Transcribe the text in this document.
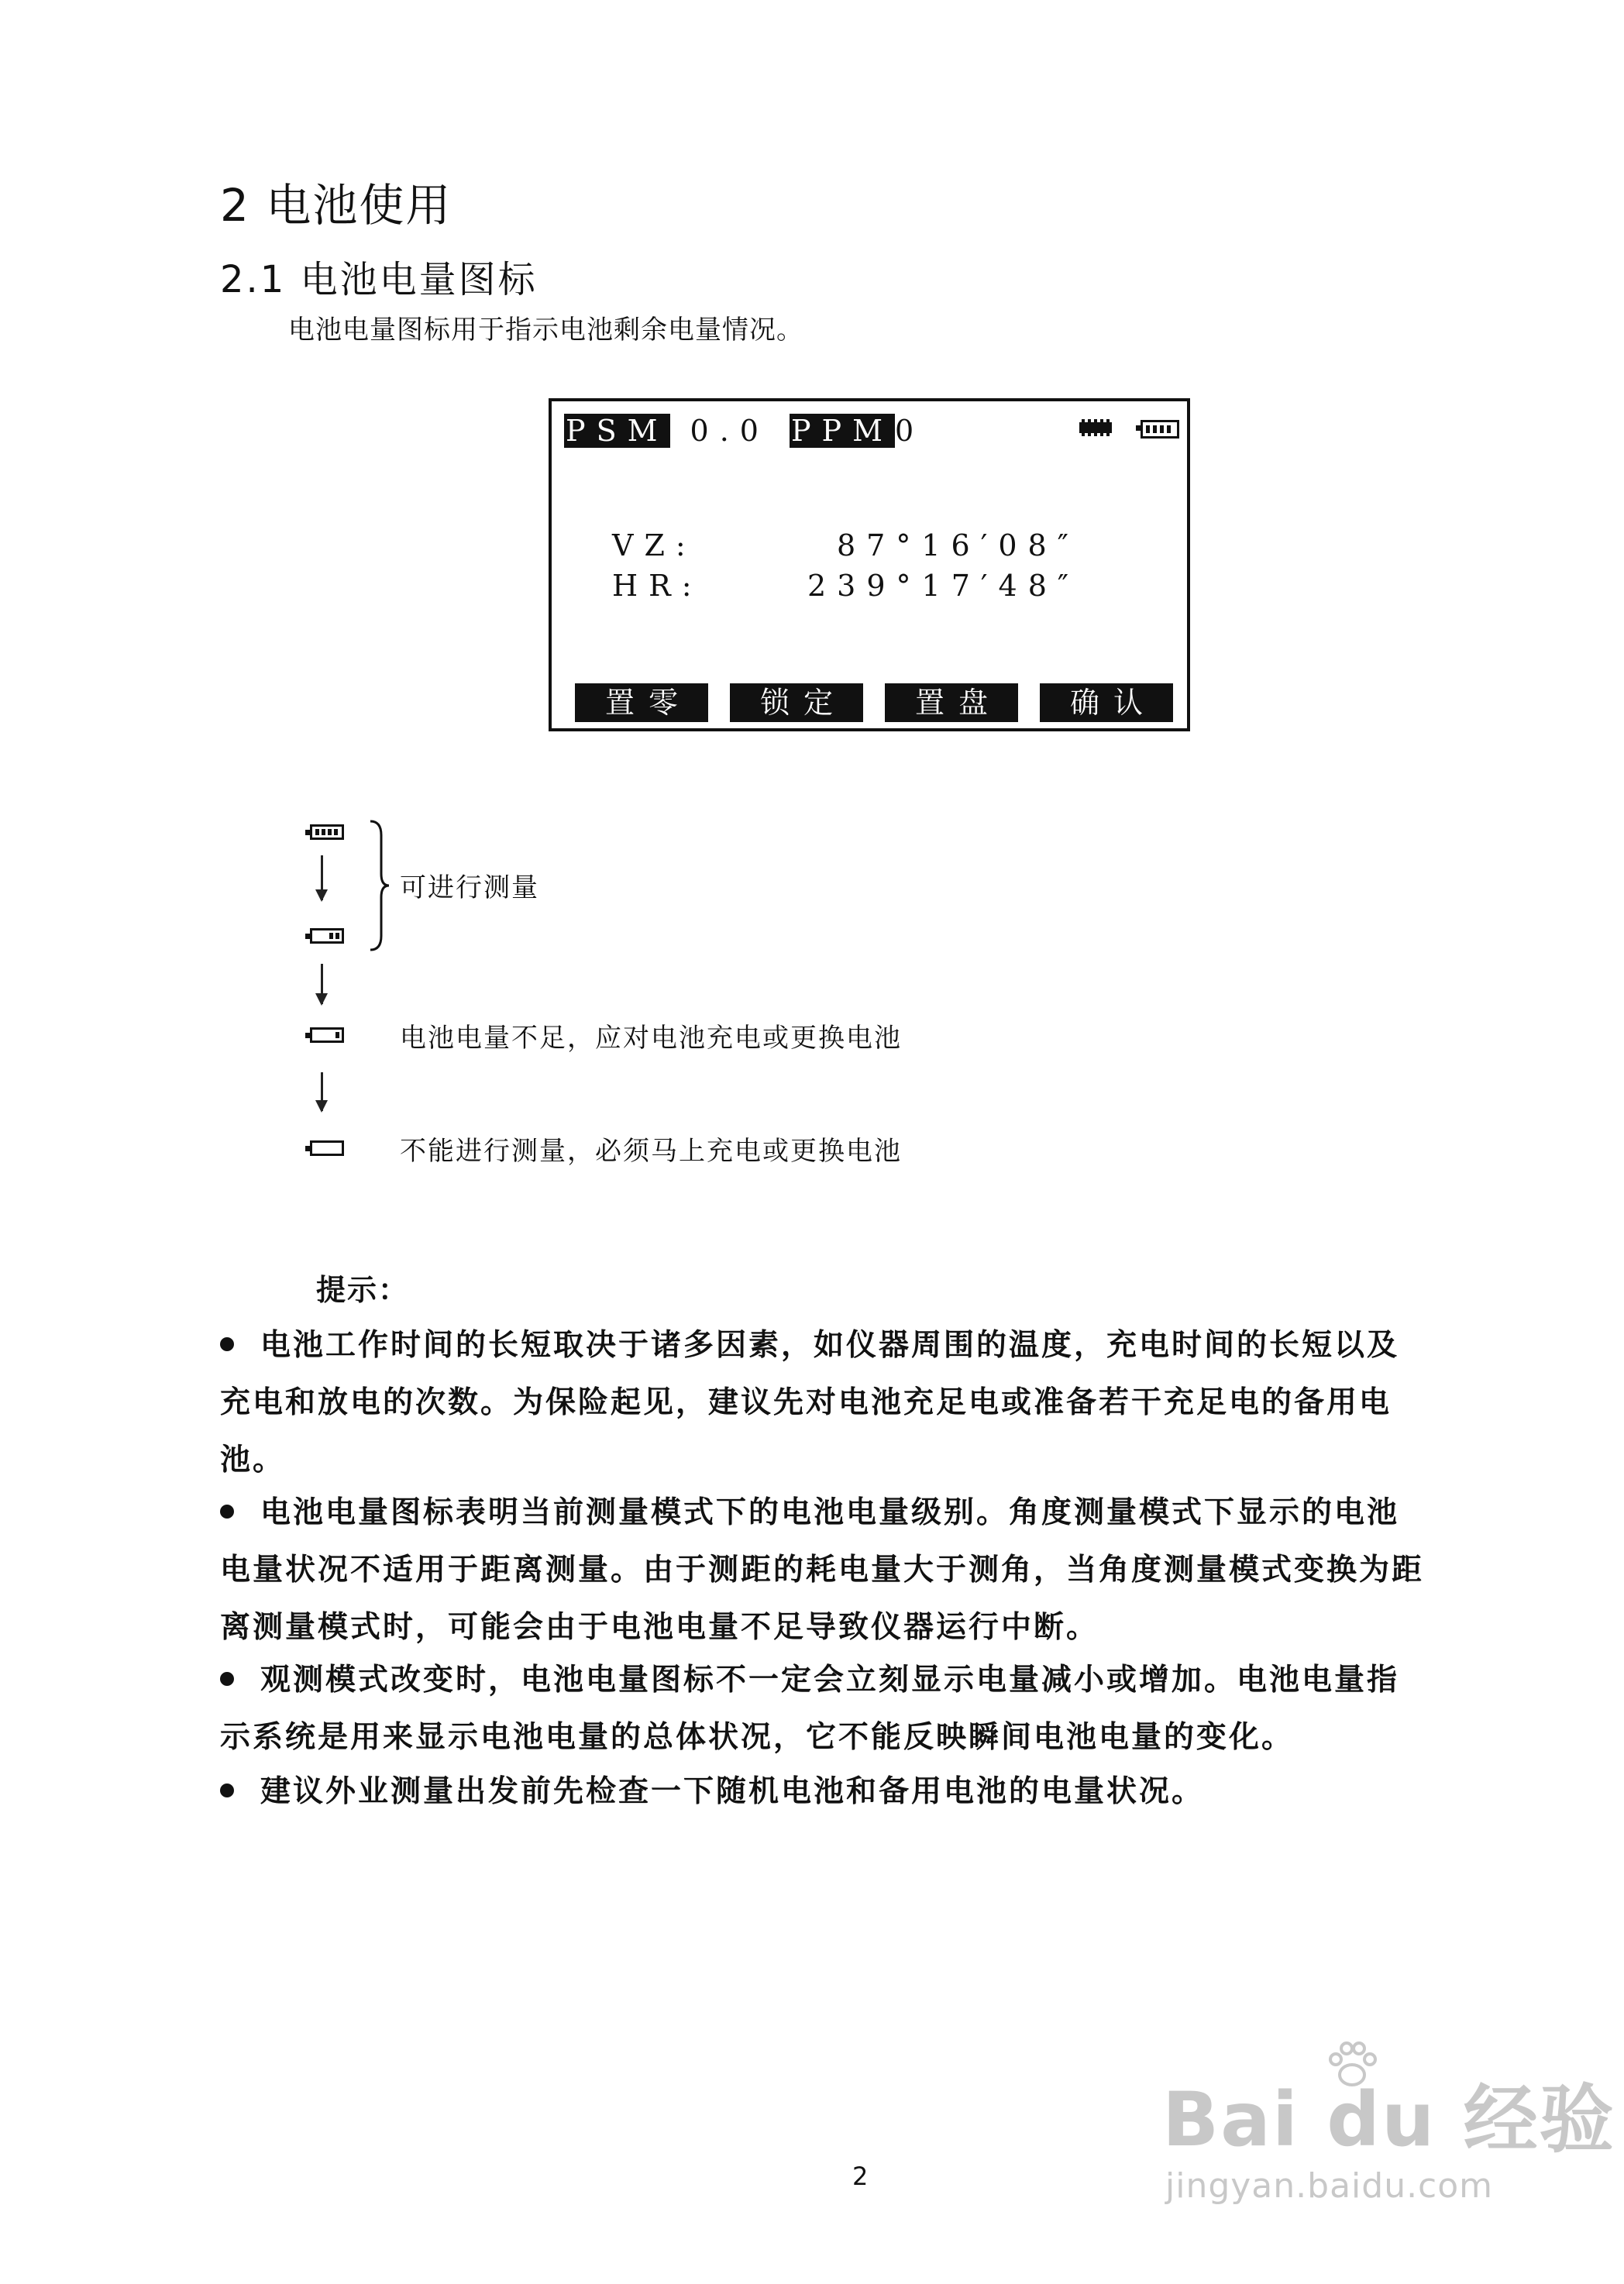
2 电池使用
2.1 电池电量图标
电池电量图标用于指示电池剩余电量情况。
PSM 0.0 PPM0
VZ:	87°16′08″
HR:	239°17′48″
置零	锁定	置盘	确认
可进行测量
电池电量不足，应对电池充电或更换电池
不能进行测量，必须马上充电或更换电池
提示：
电池工作时间的长短取决于诸多因素，如仪器周围的温度，充电时间的长短以及充电和放电的次数。为保险起见，建议先对电池充足电或准备若干充足电的备用电池。
电池电量图标表明当前测量模式下的电池电量级别。角度测量模式下显示的电池电量状况不适用于距离测量。由于测距的耗电量大于测角，当角度测量模式变换为距离测量模式时，可能会由于电池电量不足导致仪器运行中断。
观测模式改变时，电池电量图标不一定会立刻显示电量减小或增加。电池电量指示系统是用来显示电池电量的总体状况，它不能反映瞬间电池电量的变化。
建议外业测量出发前先检查一下随机电池和备用电池的电量状况。
2
Bai du 经验
jingyan.baidu.com
